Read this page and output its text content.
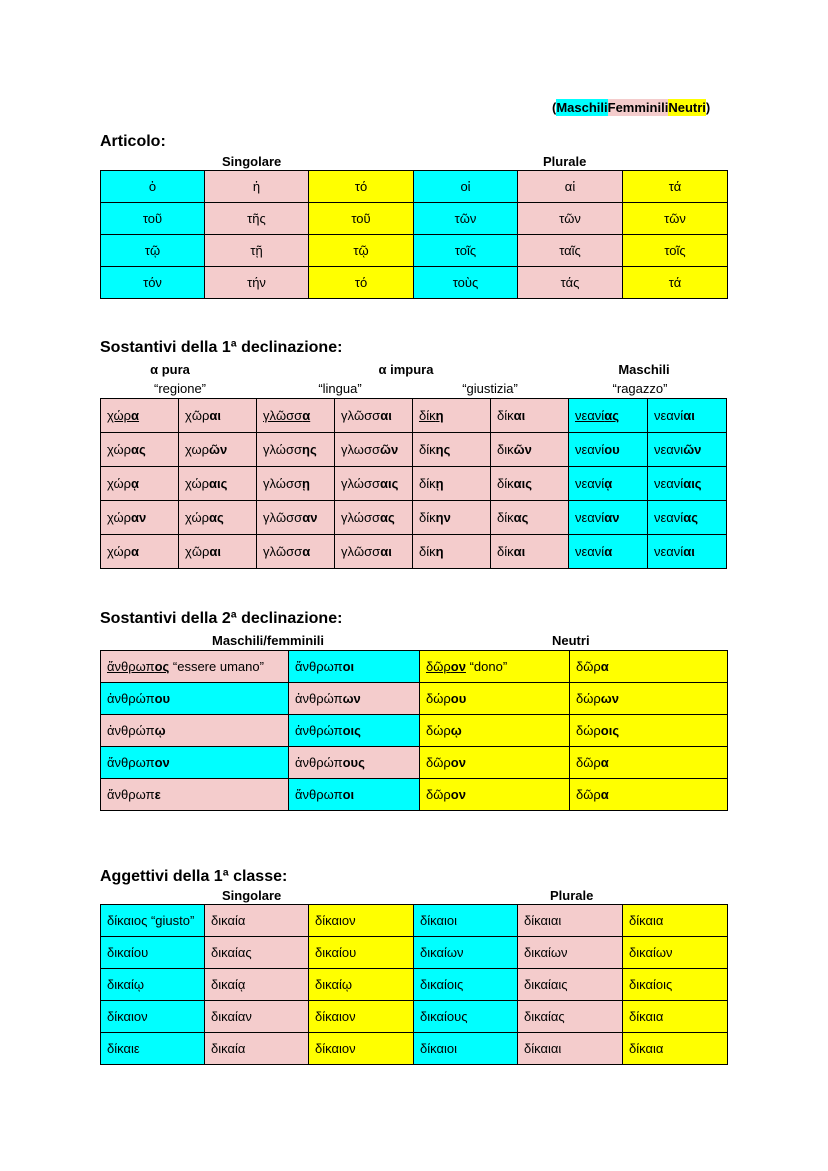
(MaschiliFemminiliNeutri)
Articolo:
Singolare	Plurale
ὁ	ἡ	τό	οἱ	αἱ	τά
τοῦ	τῆς	τοῦ	τῶν	τῶν	τῶν
τῷ	τῇ	τῷ	τοῖς	ταῖς	τοῖς
τόν	τήν	τό	τοὺς	τάς	τά
Sostantivi della 1ª declinazione:
α pura	α impura	Maschili
“regione”	“lingua”	“giustizia”	“ragazzo”
χώρα	χῶραι	γλῶσσα	γλῶσσαι	δίκη	δίκαι	νεανίας	νεανίαι
χώρας	χωρῶν	γλώσσης	γλωσσῶν	δίκης	δικῶν	νεανίου	νεανιῶν
χώρᾳ	χώραις	γλώσσῃ	γλώσσαις	δίκῃ	δίκαις	νεανίᾳ	νεανίαις
χώραν	χώρας	γλῶσσαν	γλώσσας	δίκην	δίκας	νεανίαν	νεανίας
χώρα	χῶραι	γλῶσσα	γλῶσσαι	δίκη	δίκαι	νεανία	νεανίαι
Sostantivi della 2ª declinazione:
Maschili/femminili	Neutri
ἄνθρωπος “essere umano”	ἄνθρωποι	δῶρον “dono”	δῶρα
ἀνθρώπου	ἀνθρώπων	δώρου	δώρων
ἀνθρώπῳ	ἀνθρώποις	δώρῳ	δώροις
ἄνθρωπον	ἀνθρώπους	δῶρον	δῶρα
ἄνθρωπε	ἄνθρωποι	δῶρον	δῶρα
Aggettivi della 1ª classe:
Singolare	Plurale
δίκαιος “giusto”	δικαία	δίκαιον	δίκαιοι	δίκαιαι	δίκαια
δικαίου	δικαίας	δικαίου	δικαίων	δικαίων	δικαίων
δικαίῳ	δικαίᾳ	δικαίῳ	δικαίοις	δικαίαις	δικαίοις
δίκαιον	δικαίαν	δίκαιον	δικαίους	δικαίας	δίκαια
δίκαιε	δικαία	δίκαιον	δίκαιοι	δίκαιαι	δίκαια
